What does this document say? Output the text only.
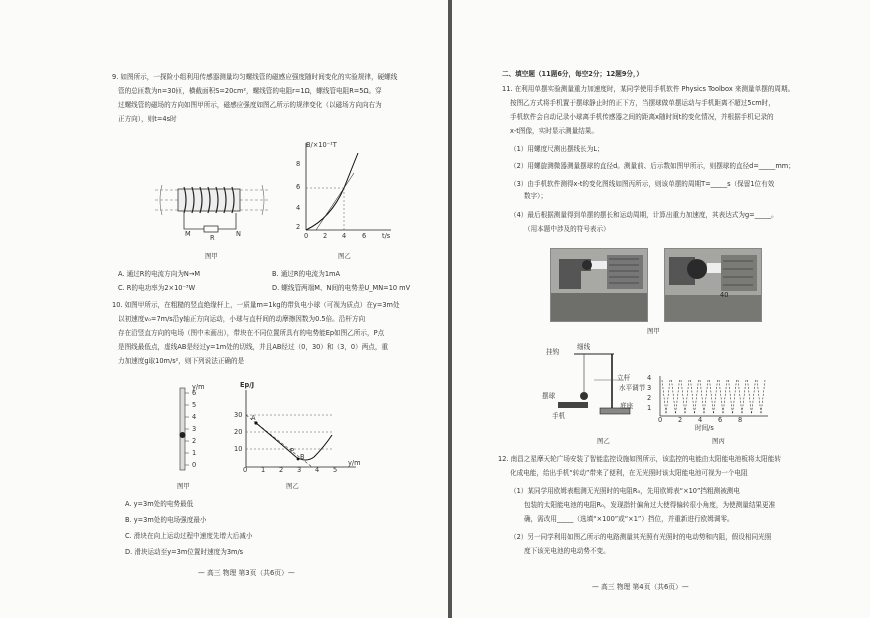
9. 如图所示，一探险小组利用传感器测量均匀螺线管的磁感应强度随时间变化的实验规律，硬螺线
管的总匝数为n=30匝，横截面积S=20cm²，螺线管的电阻r=1Ω，螺线管电阻R=5Ω。穿
过螺线管的磁场的方向如图甲所示，磁感应强度如图乙所示的规律变化（以磁场方向向右为
正方向），则t=4s时
M	R	N
图甲
B/×10⁻¹T
8
6
4
2
0 2 4 6 t/s
图乙
A. 通过R的电流方向为N→M	B. 通过R的电流为1mA
C. R的电功率为2×10⁻³W	D. 螺线管两端M、N间的电势差U_MN=10 mV
10. 如图甲所示，在粗糙的竖直绝缘杆上，一质量m=1kg的带负电小球（可视为质点）在y=3m处
以初速度v₀=7m/s沿y轴正方向运动，小球与直杆间的动摩擦因数为0.5倍。沿杆方向
存在沿竖直方向的电场（图中未画出），带块在不同位置所具有的电势能Ep如图乙所示，P点
是图线最低点，虚线AB是经过y=1m处的切线，并且AB经过（0，30）和（3，0）两点，重
力加速度g取10m/s²，则下列说法正确的是
y/m
6
5
4
3
2
1
0
图甲
Ep/J
30
20
10
A
B
P
0 1 2 3 4 5
y/m
图乙
A. y=3m处的电势最低
B. y=3m处的电场强度最小
C. 滑块在向上运动过程中速度先增大后减小
D. 滑块运动至y=3m位置时速度为3m/s
— 高三 物理 第3页（共6页）—
二、填空题（11题6分，每空2分；12题9分，）
11. 在利用单摆实验测量重力加速度时，某同学使用手机软件 Physics Toolbox 来测量单摆的周期。
按图乙方式将手机置于摆球静止时的正下方，当摆球做单摆运动与手机距离不超过5cm时，
手机软件会自动记录小球离手机传感器之间的距离x随时间t的变化情况，并根据手机记录的
x-t图像，实时显示测量结果。
（1）用螺度尺测出摆线长为L；
（2）用螺旋测微器测量摆球的直径d。测量前、后示数如图甲所示，则摆球的直径d=_____mm；
（3）由手机软件测得x-t的变化图线如图丙所示，则该单摆的周期T=_____s（保留1位有效
数字）；
（4）最后根据测量得到单摆的摆长和运动周期，计算出重力加速度，其表达式为g=_____。
（用本题中涉及的符号表示）
40
图甲
挂钩
细线
摆球
手机
立杆
水平调节
底座
图乙
4
3
2
1
0 2 4 6 8
时间/s
图丙
12. 南昌之星摩天轮广场安装了智能监控设施如图所示，该监控的电能由太阳能电池板将太阳能转
化成电能，给出手机“转动”带来了便利，在无光照时该太阳能电池可视为一个电阻
（1）某同学用欧姆表粗测无光照时的电阻R₀，先用欧姆表“×10”挡粗测被测电
包装的太阳能电池的电阻R₀，发现指针偏角过大使得偏转很小角度，为使测量结果更准
确，需改用_____（选填“×100”或“×1”）挡位，并重新进行欧姆调零。
（2）另一同学利用如图乙所示的电路测量其光照有光照时的电动势和内阻，假设相同光照
度下该光电池的电动势不变。
— 高三 物理 第4页（共6页）—
